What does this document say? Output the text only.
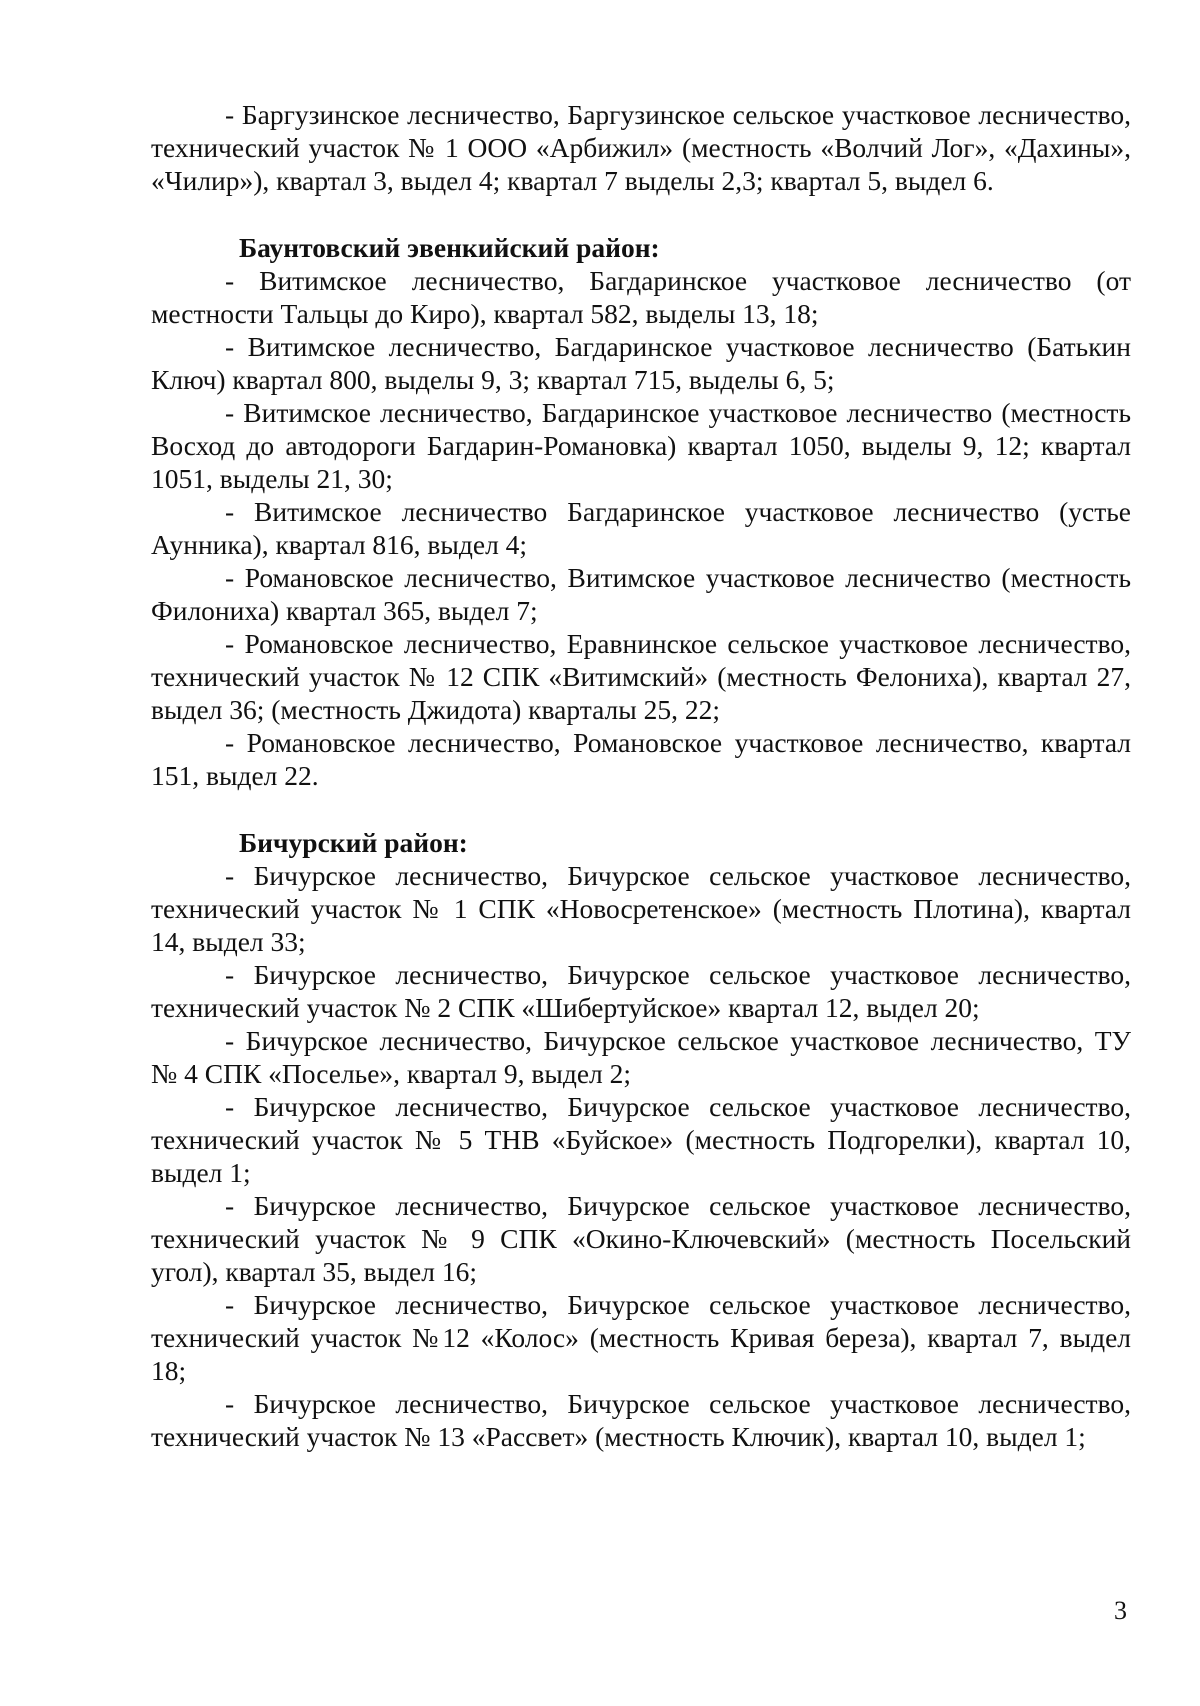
- Баргузинское лесничество, Баргузинское сельское участковое лесничество, технический участок № 1 ООО «Арбижил» (местность «Волчий Лог», «Дахины», «Чилир»), квартал 3, выдел 4; квартал 7 выделы 2,3; квартал 5, выдел 6.

Баунтовский эвенкийский район:

- Витимское лесничество, Багдаринское участковое лесничество (от местности Тальцы до Киро), квартал 582, выделы 13, 18;

- Витимское лесничество, Багдаринское участковое лесничество (Батькин Ключ) квартал 800, выделы 9, 3; квартал 715, выделы 6, 5;

- Витимское лесничество, Багдаринское участковое лесничество (местность Восход до автодороги Багдарин-Романовка) квартал 1050, выделы 9, 12; квартал 1051, выделы 21, 30;

- Витимское лесничество Багдаринское участковое лесничество (устье Аунника), квартал 816, выдел 4;

- Романовское лесничество, Витимское участковое лесничество (местность Филониха) квартал 365, выдел 7;

- Романовское лесничество, Еравнинское сельское участковое лесничество, технический участок № 12 СПК «Витимский» (местность Фелониха), квартал 27, выдел 36; (местность Джидота) кварталы 25, 22;

- Романовское лесничество, Романовское участковое лесничество, квартал 151, выдел 22.

Бичурский район:

- Бичурское лесничество, Бичурское сельское участковое лесничество, технический участок № 1 СПК «Новосретенское» (местность Плотина), квартал 14, выдел 33;

- Бичурское лесничество, Бичурское сельское участковое лесничество, технический участок № 2 СПК «Шибертуйское» квартал 12, выдел 20;

- Бичурское лесничество, Бичурское сельское участковое лесничество, ТУ № 4 СПК «Поселье», квартал 9, выдел 2;

- Бичурское лесничество, Бичурское сельское участковое лесничество, технический участок № 5 ТНВ «Буйское» (местность Подгорелки), квартал 10, выдел 1;

- Бичурское лесничество, Бичурское сельское участковое лесничество, технический участок № 9 СПК «Окино-Ключевский» (местность Посельский угол), квартал 35, выдел 16;

- Бичурское лесничество, Бичурское сельское участковое лесничество, технический участок №12 «Колос» (местность Кривая береза), квартал 7, выдел 18;

- Бичурское лесничество, Бичурское сельское участковое лесничество, технический участок № 13 «Рассвет» (местность Ключик), квартал 10, выдел 1;

3
